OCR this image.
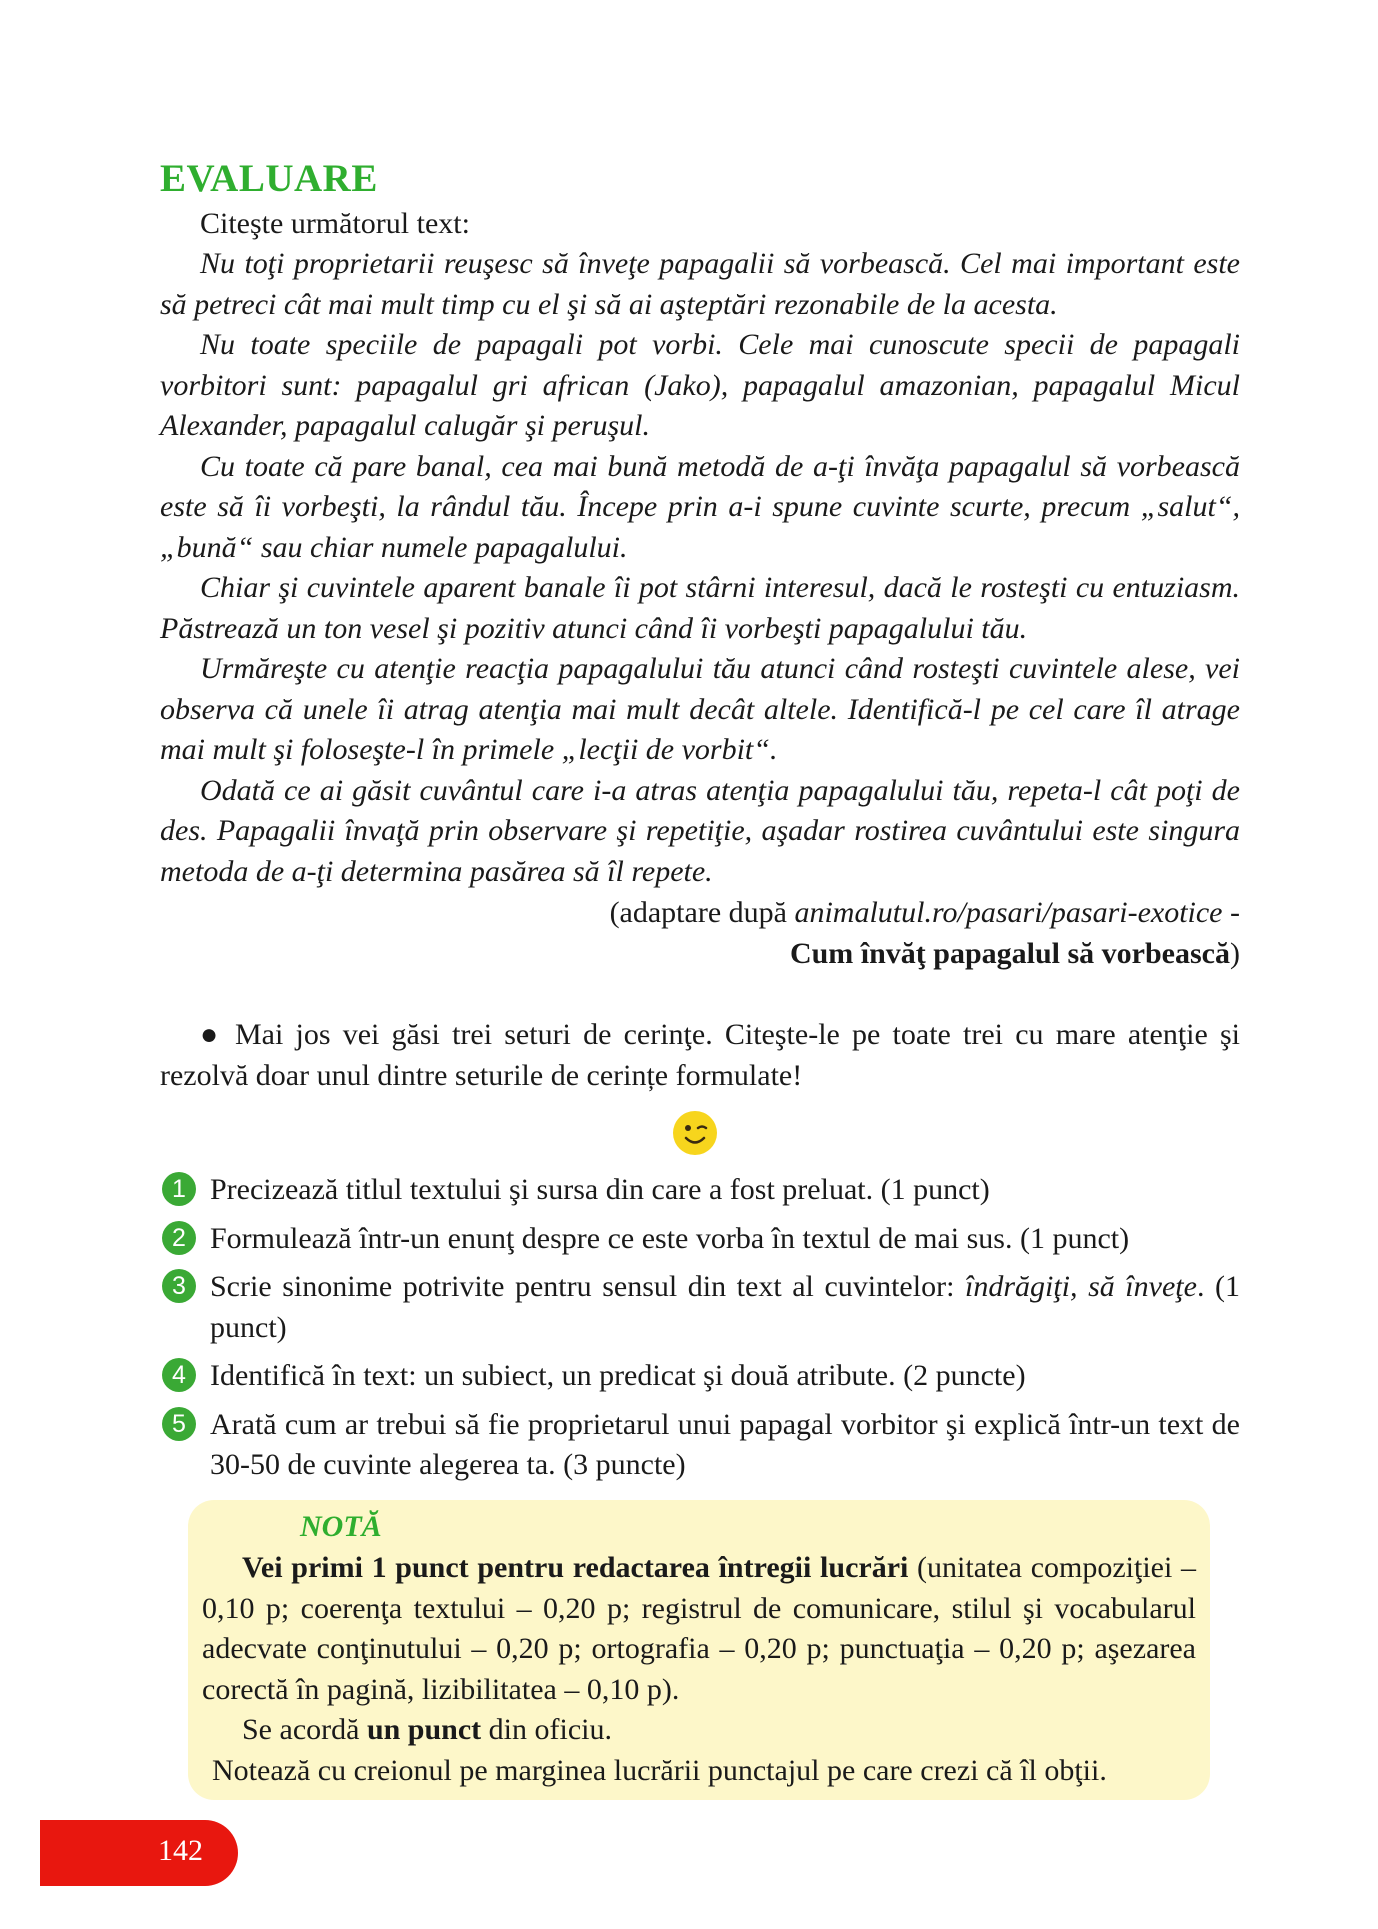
EVALUARE
Citeşte următorul text:

Nu toţi proprietarii reuşesc să înveţe papagalii să vorbească. Cel mai important este să petreci cât mai mult timp cu el şi să ai aşteptări rezonabile de la acesta.

Nu toate speciile de papagali pot vorbi. Cele mai cunoscute specii de papagali vorbitori sunt: papagalul gri african (Jako), papagalul amazonian, papagalul Micul Alexander, papagalul calugăr şi peruşul.

Cu toate că pare banal, cea mai bună metodă de a-ţi învăţa papagalul să vorbească este să îi vorbeşti, la rândul tău. Începe prin a-i spune cuvinte scurte, precum „salut“, „bună“ sau chiar numele papagalului.

Chiar şi cuvintele aparent banale îi pot stârni interesul, dacă le rosteşti cu entuziasm. Păstrează un ton vesel şi pozitiv atunci când îi vorbeşti papagalului tău.

Urmăreşte cu atenţie reacţia papagalului tău atunci când rosteşti cuvintele alese, vei observa că unele îi atrag atenţia mai mult decât altele. Identifică-l pe cel care îl atrage mai mult şi foloseşte-l în primele „lecţii de vorbit“.

Odată ce ai găsit cuvântul care i-a atras atenţia papagalului tău, repeta-l cât poţi de des. Papagalii învaţă prin observare şi repetiţie, aşadar rostirea cuvântului este singura metoda de a-ţi determina pasărea să îl repete.

(adaptare după animalutul.ro/pasari/pasari-exotice -
Cum învăţ papagalul să vorbească)

● Mai jos vei găsi trei seturi de cerinţe. Citeşte-le pe toate trei cu mare atenţie şi rezolvă doar unul dintre seturile de cerințe formulate!

1 Precizează titlul textului şi sursa din care a fost preluat. (1 punct)
2 Formulează într-un enunţ despre ce este vorba în textul de mai sus. (1 punct)
3 Scrie sinonime potrivite pentru sensul din text al cuvintelor: îndrăgiţi, să înveţe. (1 punct)
4 Identifică în text: un subiect, un predicat şi două atribute. (2 puncte)
5 Arată cum ar trebui să fie proprietarul unui papagal vorbitor şi explică într-un text de 30-50 de cuvinte alegerea ta. (3 puncte)
NOTĂ

Vei primi 1 punct pentru redactarea întregii lucrări (unitatea compoziţiei – 0,10 p; coerenţa textului – 0,20 p; registrul de comunicare, stilul şi vocabularul adecvate conţinutului – 0,20 p; ortografia – 0,20 p; punctuaţia – 0,20 p; aşezarea corectă în pagină, lizibilitatea – 0,10 p).

Se acordă un punct din oficiu.

Notează cu creionul pe marginea lucrării punctajul pe care crezi că îl obţii.

142
